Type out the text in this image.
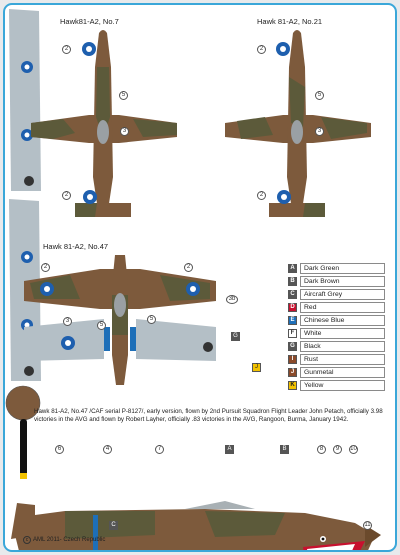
Hawk81-A2, No.7	Hawk 81-A2, No.21
2
3
2
5
2
3
2
5
Hawk 81-A2, No.47
2	2
3
5
5
3b
G
J
A	Dark Green
B	Dark Brown
C	Aircraft Grey
D	Red
E	Chinese Blue
F	White
G	Black
I	Rust
J	Gunmetal
K	Yellow
Hawk 81-A2, No.47 /CAF serial P-8127/, early version, flown by 2nd Pursuit Squadron Flight Leader John Petach, officially 3.98 victories in the AVG and flown by Robert Layher, officially .83 victories in the AVG, Rangoon, Burma, January 1942.
47	47
P-8127
6	4	7	A	B	8	9	10
11
C
c AML 2011- Czech Republic
